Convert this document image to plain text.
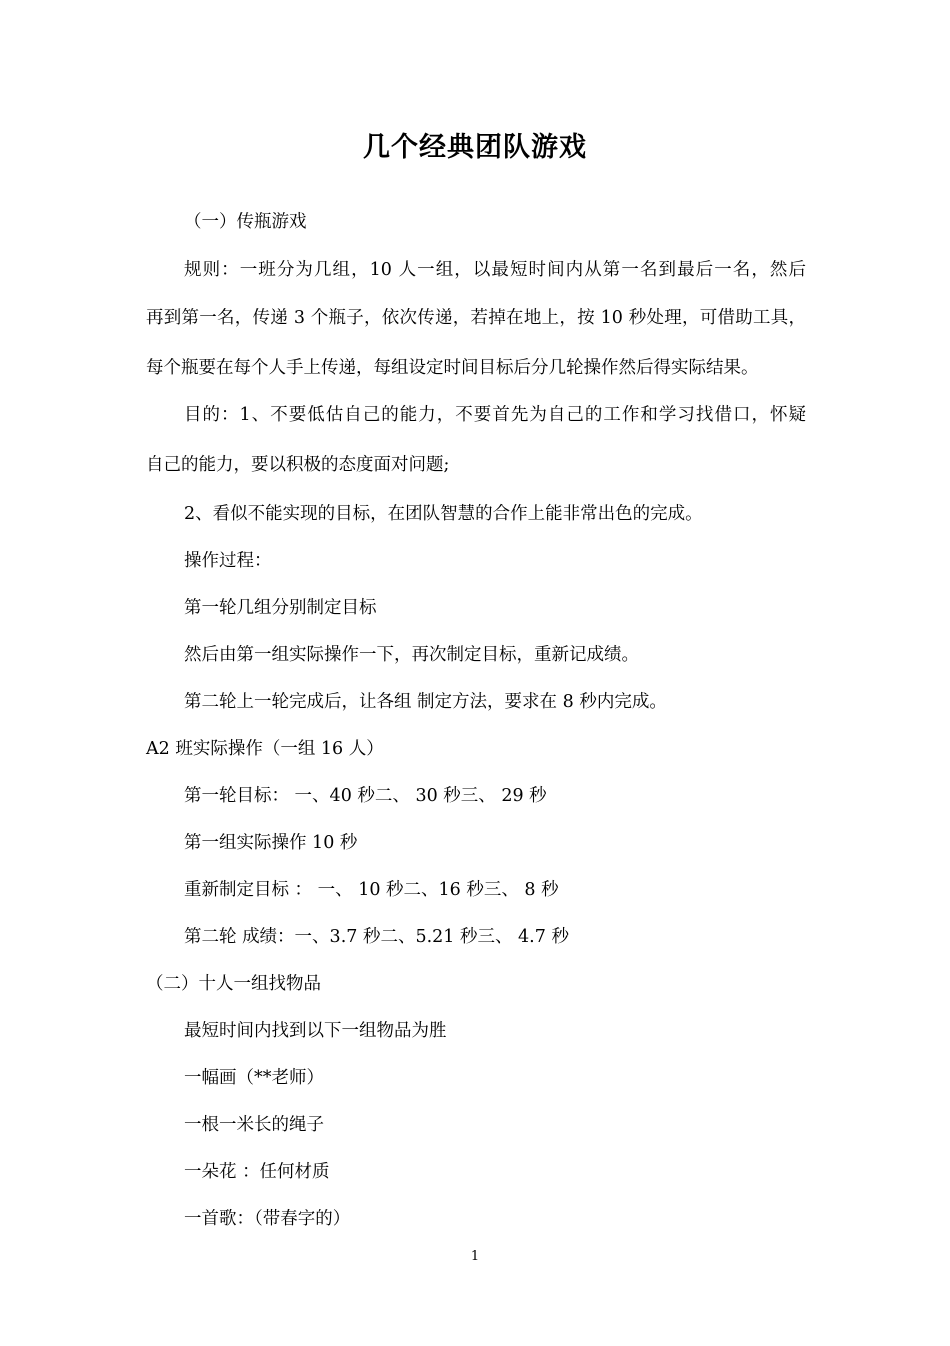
几个经典团队游戏
（一）传瓶游戏
规则：一班分为几组，10 人一组，以最短时间内从第一名到最后一名，然后
再到第一名，传递 3 个瓶子，依次传递，若掉在地上，按 10 秒处理，可借助工具，
每个瓶要在每个人手上传递，每组设定时间目标后分几轮操作然后得实际结果。
目的：1、不要低估自己的能力，不要首先为自己的工作和学习找借口，怀疑
自己的能力，要以积极的态度面对问题;
2、看似不能实现的目标，在团队智慧的合作上能非常出色的完成。
操作过程：
第一轮几组分别制定目标
然后由第一组实际操作一下，再次制定目标，重新记成绩。
第二轮上一轮完成后，让各组 制定方法，要求在 8 秒内完成。
A2 班实际操作（一组 16 人）
第一轮目标： 一、40 秒二、 30 秒三、 29 秒
第一组实际操作 10 秒
重新制定目标 ： 一、 10 秒二、16 秒三、 8 秒
第二轮 成绩：一、3.7 秒二、5.21 秒三、 4.7 秒
（二）十人一组找物品
最短时间内找到以下一组物品为胜
一幅画（**老师）
一根一米长的绳子
一朵花 ：任何材质
一首歌：（带春字的）
1
